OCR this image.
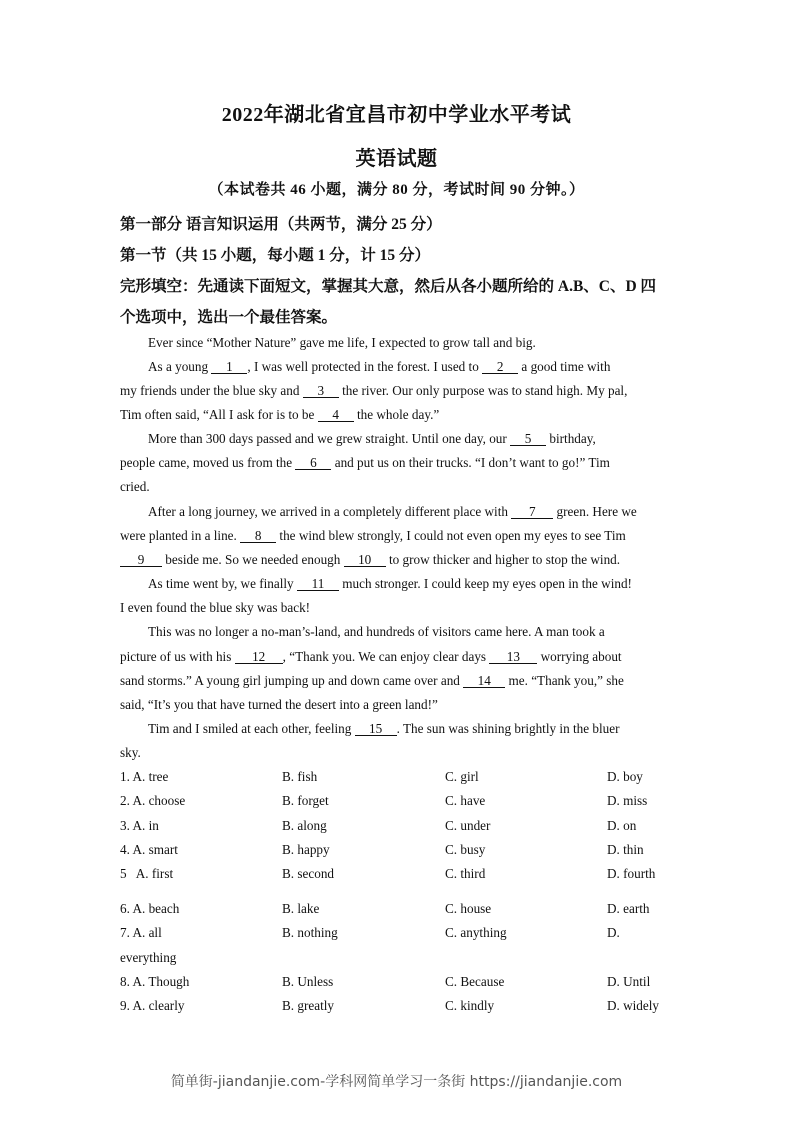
2022年湖北省宜昌市初中学业水平考试
英语试题
（本试卷共 46 小题，满分 80 分，考试时间 90 分钟。）
第一部分 语言知识运用（共两节，满分 25 分）
第一节（共 15 小题，每小题 1 分，计 15 分）
完形填空：先通读下面短文，掌握其大意，然后从各小题所给的 A.B、C、D 四
个选项中，选出一个最佳答案。
Ever since “Mother Nature” gave me life, I expected to grow tall and big.
As a young 1 , I was well protected in the forest. I used to 2 a good time with
my friends under the blue sky and 3 the river. Our only purpose was to stand high. My pal,
Tim often said, “All I ask for is to be 4 the whole day.”
More than 300 days passed and we grew straight. Until one day, our 5 birthday,
people came, moved us from the 6 and put us on their trucks. “I don’t want to go!” Tim
cried.
After a long journey, we arrived in a completely different place with 7 green. Here we
were planted in a line. 8 the wind blew strongly, I could not even open my eyes to see Tim
9 beside me. So we needed enough 10 to grow thicker and higher to stop the wind.
As time went by, we finally 11 much stronger. I could keep my eyes open in the wind!
I even found the blue sky was back!
This was no longer a no-man’s-land, and hundreds of visitors came here. A man took a
picture of us with his 12 , “Thank you. We can enjoy clear days 13 worrying about
sand storms.” A young girl jumping up and down came over and 14 me. “Thank you,” she
said, “It’s you that have turned the desert into a green land!”
Tim and I smiled at each other, feeling 15 . The sun was shining brightly in the bluer
sky.
1. A. tree	B. fish	C. girl	D. boy
2. A. choose	B. forget	C. have	D. miss
3. A. in	B. along	C. under	D. on
4. A. smart	B. happy	C. busy	D. thin
5   A. first	B. second	C. third	D. fourth
6. A. beach	B. lake	C. house	D. earth
7. A. all	B. nothing	C. anything	D.
everything
8. A. Though	B. Unless	C. Because	D. Until
9. A. clearly	B. greatly	C. kindly	D. widely
简单街-jiandanjie.com-学科网简单学习一条街 https://jiandanjie.com
